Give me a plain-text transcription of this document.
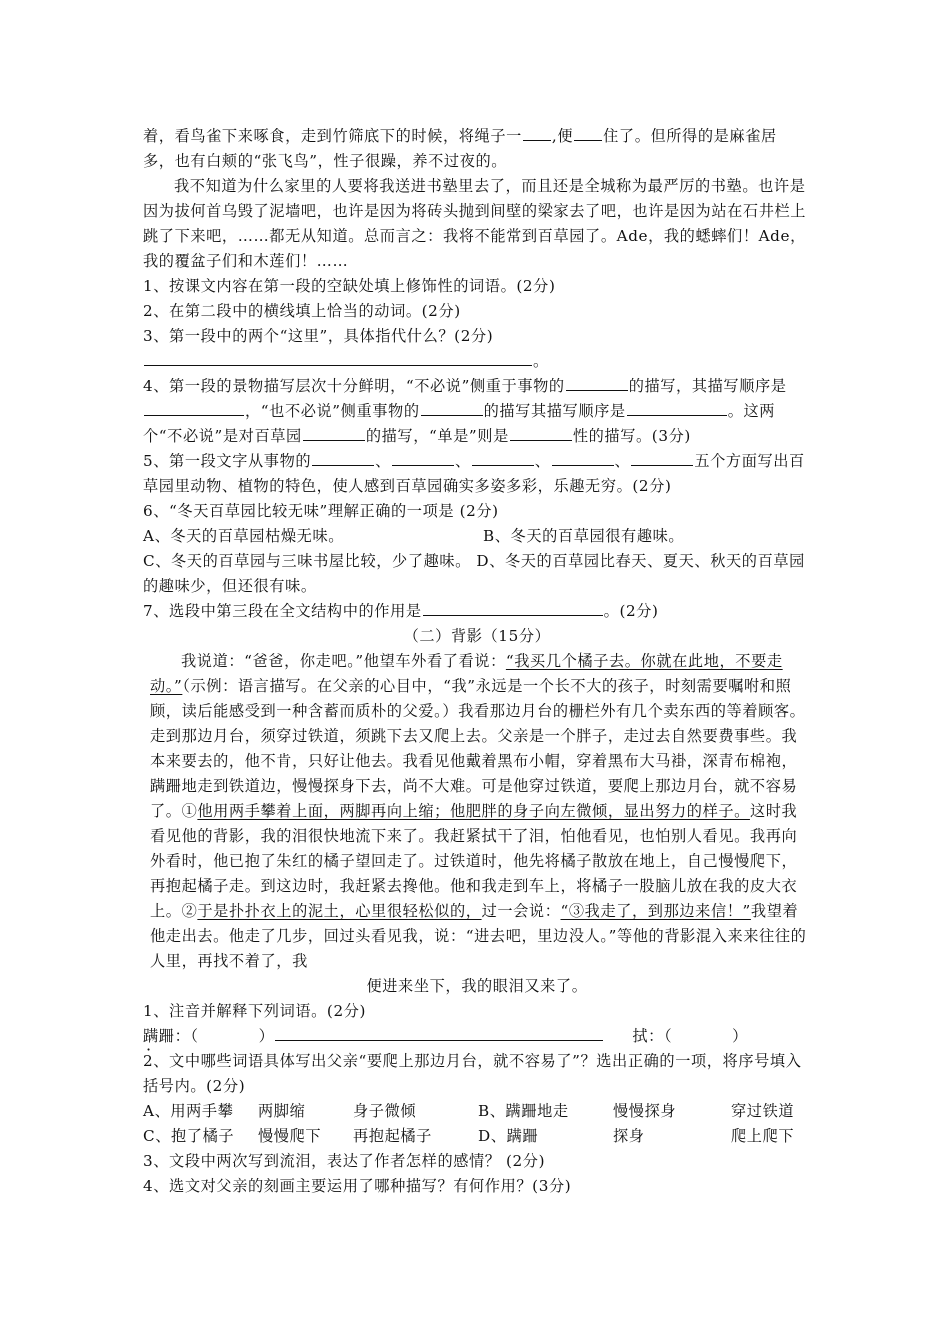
着，看鸟雀下来啄食，走到竹筛底下的时候，将绳子一 ,便 住了。但所得的是麻雀居

多，也有白颊的“张飞鸟”，性子很躁，养不过夜的。

我不知道为什么家里的人要将我送进书塾里去了，而且还是全城称为最严厉的书塾。也许是因为拔何首乌毁了泥墙吧，也许是因为将砖头抛到间壁的梁家去了吧，也许是因为站在石井栏上跳了下来吧，……都无从知道。总而言之：我将不能常到百草园了。Ade，我的蟋蟀们！Ade，我的覆盆子们和木莲们！……

1、按课文内容在第一段的空缺处填上修饰性的词语。(2分)

2、在第二段中的横线填上恰当的动词。(2分)

3、第一段中的两个“这里”，具体指代什么？(2分)

。

4、第一段的景物描写层次十分鲜明，“不必说”侧重于事物的	的描写，其描写顺序是，“也不必说”侧重事物的	的描写其描写顺序是	。这两个“不必说”是对百草园	的描写，“单是”则是	性的描写。(3分)

5、第一段文字从事物的	、	、	、	、	五个方面写出百草园里动物、植物的特色，使人感到百草园确实多姿多彩，乐趣无穷。(2分)

6、“冬天百草园比较无味”理解正确的一项是 (2分)

A、冬天的百草园枯燥无味。	B、冬天的百草园很有趣味。

C、冬天的百草园与三味书屋比较，少了趣味。 D、冬天的百草园比春天、夏天、秋天的百草园的趣味少，但还很有味。

7、选段中第三段在全文结构中的作用是	。(2分)

（二）背影（15分）

我说道：“爸爸，你走吧。”他望车外看了看说：“我买几个橘子去。你就在此地，不要走动。”（示例：语言描写。在父亲的心目中，“我”永远是一个长不大的孩子，时刻需要嘱咐和照顾，读后能感受到一种含蓄而质朴的父爱。）我看那边月台的栅栏外有几个卖东西的等着顾客。走到那边月台，须穿过铁道，须跳下去又爬上去。父亲是一个胖子，走过去自然要费事些。我本来要去的，他不肯，只好让他去。我看见他戴着黑布小帽，穿着黑布大马褂，深青布棉袍，蹒跚地走到铁道边，慢慢探身下去，尚不大难。可是他穿过铁道，要爬上那边月台，就不容易了。①他用两手攀着上面，两脚再向上缩；他肥胖的身子向左微倾，显出努力的样子。这时我看见他的背影，我的泪很快地流下来了。我赶紧拭干了泪，怕他看见，也怕别人看见。我再向外看时，他已抱了朱红的橘子望回走了。过铁道时，他先将橘子散放在地上，自己慢慢爬下，再抱起橘子走。到这边时，我赶紧去搀他。他和我走到车上，将橘子一股脑儿放在我的皮大衣上。②于是扑扑衣上的泥土，心里很轻松似的，过一会说：“③我走了，到那边来信！”我望着他走出去。他走了几步，回过头看见我，说：“进去吧，里边没人。”等他的背影混入来来往往的人里，再找不着了，我

便进来坐下，我的眼泪又来了。

1、注音并解释下列词语。(2分)

蹒跚： ·（	）	拭：（	）

2、文中哪些词语具体写出父亲“要爬上那边月台，就不容易了”？选出正确的一项，将序号填入括号内。(2分)

A、用两手攀	两脚缩	身子微倾	B、蹒跚地走	慢慢探身	穿过铁道

C、抱了橘子	慢慢爬下	再抱起橘子	D、蹒跚	探身	爬上爬下

3、文段中两次写到流泪，表达了作者怎样的感情？ (2分)

4、选文对父亲的刻画主要运用了哪种描写？有何作用？(3分)
